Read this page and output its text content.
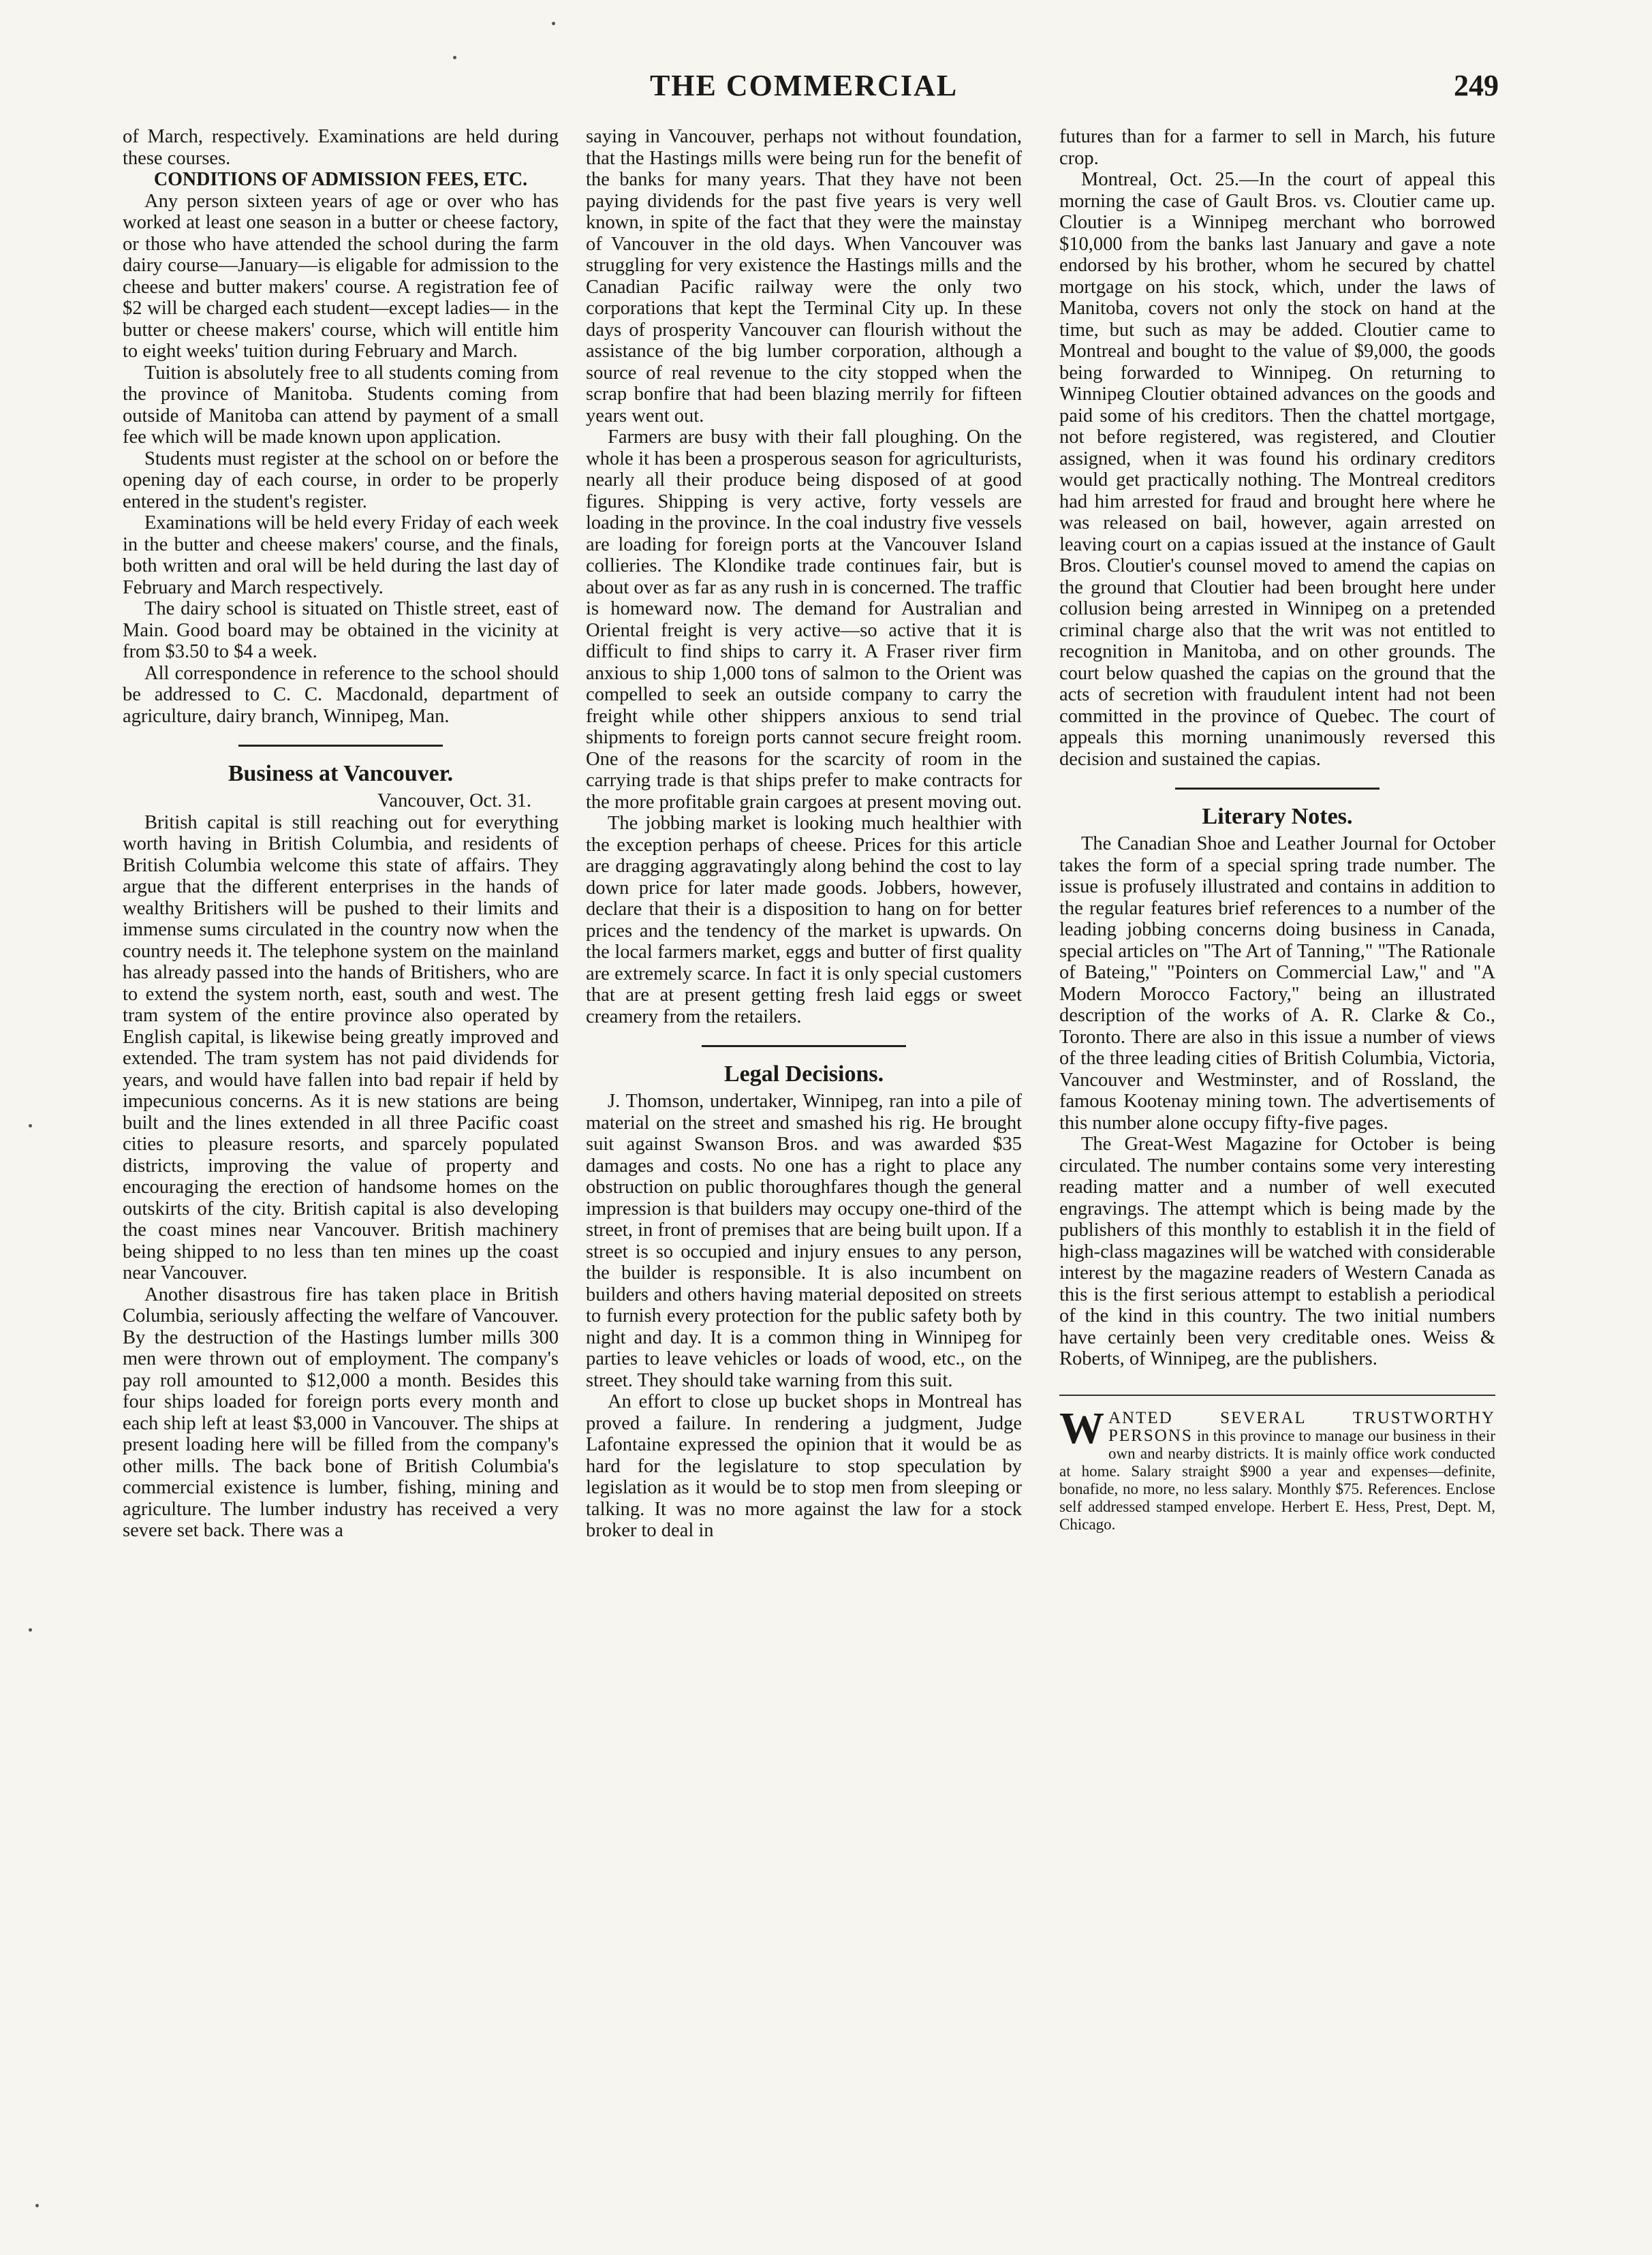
THE COMMERCIAL	249

of March, respectively. Examinations are held during these courses.

CONDITIONS OF ADMISSION FEES, ETC.

Any person sixteen years of age or over who has worked at least one season in a butter or cheese factory, or those who have attended the school during the farm dairy course—January—is eligable for admission to the cheese and butter makers' course. A registration fee of $2 will be charged each student—except ladies— in the butter or cheese makers' course, which will entitle him to eight weeks' tuition during February and March.

Tuition is absolutely free to all students coming from the province of Manitoba. Students coming from outside of Manitoba can attend by payment of a small fee which will be made known upon application.

Students must register at the school on or before the opening day of each course, in order to be properly entered in the student's register.

Examinations will be held every Friday of each week in the butter and cheese makers' course, and the finals, both written and oral will be held during the last day of February and March respectively.

The dairy school is situated on Thistle street, east of Main. Good board may be obtained in the vicinity at from $3.50 to $4 a week.

All correspondence in reference to the school should be addressed to C. C. Macdonald, department of agriculture, dairy branch, Winnipeg, Man.

Business at Vancouver.

Vancouver, Oct. 31.

British capital is still reaching out for everything worth having in British Columbia, and residents of British Columbia welcome this state of affairs. They argue that the different enterprises in the hands of wealthy Britishers will be pushed to their limits and immense sums circulated in the country now when the country needs it. The telephone system on the mainland has already passed into the hands of Britishers, who are to extend the system north, east, south and west. The tram system of the entire province also operated by English capital, is likewise being greatly improved and extended. The tram system has not paid dividends for years, and would have fallen into bad repair if held by impecunious concerns. As it is new stations are being built and the lines extended in all three Pacific coast cities to pleasure resorts, and sparcely populated districts, improving the value of property and encouraging the erection of handsome homes on the outskirts of the city. British capital is also developing the coast mines near Vancouver. British machinery being shipped to no less than ten mines up the coast near Vancouver.

Another disastrous fire has taken place in British Columbia, seriously affecting the welfare of Vancouver. By the destruction of the Hastings lumber mills 300 men were thrown out of employment. The company's pay roll amounted to $12,000 a month. Besides this four ships loaded for foreign ports every month and each ship left at least $3,000 in Vancouver. The ships at present loading here will be filled from the company's other mills. The back bone of British Columbia's commercial existence is lumber, fishing, mining and agriculture. The lumber industry has received a very severe set back. There was a

saying in Vancouver, perhaps not without foundation, that the Hastings mills were being run for the benefit of the banks for many years. That they have not been paying dividends for the past five years is very well known, in spite of the fact that they were the mainstay of Vancouver in the old days. When Vancouver was struggling for very existence the Hastings mills and the Canadian Pacific railway were the only two corporations that kept the Terminal City up. In these days of prosperity Vancouver can flourish without the assistance of the big lumber corporation, although a source of real revenue to the city stopped when the scrap bonfire that had been blazing merrily for fifteen years went out.

Farmers are busy with their fall ploughing. On the whole it has been a prosperous season for agriculturists, nearly all their produce being disposed of at good figures. Shipping is very active, forty vessels are loading in the province. In the coal industry five vessels are loading for foreign ports at the Vancouver Island collieries. The Klondike trade continues fair, but is about over as far as any rush in is concerned. The traffic is homeward now. The demand for Australian and Oriental freight is very active—so active that it is difficult to find ships to carry it. A Fraser river firm anxious to ship 1,000 tons of salmon to the Orient was compelled to seek an outside company to carry the freight while other shippers anxious to send trial shipments to foreign ports cannot secure freight room. One of the reasons for the scarcity of room in the carrying trade is that ships prefer to make contracts for the more profitable grain cargoes at present moving out.

The jobbing market is looking much healthier with the exception perhaps of cheese. Prices for this article are dragging aggravatingly along behind the cost to lay down price for later made goods. Jobbers, however, declare that their is a disposition to hang on for better prices and the tendency of the market is upwards. On the local farmers market, eggs and butter of first quality are extremely scarce. In fact it is only special customers that are at present getting fresh laid eggs or sweet creamery from the retailers.

Legal Decisions.

J. Thomson, undertaker, Winnipeg, ran into a pile of material on the street and smashed his rig. He brought suit against Swanson Bros. and was awarded $35 damages and costs. No one has a right to place any obstruction on public thoroughfares though the general impression is that builders may occupy one-third of the street, in front of premises that are being built upon. If a street is so occupied and injury ensues to any person, the builder is responsible. It is also incumbent on builders and others having material deposited on streets to furnish every protection for the public safety both by night and day. It is a common thing in Winnipeg for parties to leave vehicles or loads of wood, etc., on the street. They should take warning from this suit.

An effort to close up bucket shops in Montreal has proved a failure. In rendering a judgment, Judge Lafontaine expressed the opinion that it would be as hard for the legislature to stop speculation by legislation as it would be to stop men from sleeping or talking. It was no more against the law for a stock broker to deal in

futures than for a farmer to sell in March, his future crop.

Montreal, Oct. 25.—In the court of appeal this morning the case of Gault Bros. vs. Cloutier came up. Cloutier is a Winnipeg merchant who borrowed $10,000 from the banks last January and gave a note endorsed by his brother, whom he secured by chattel mortgage on his stock, which, under the laws of Manitoba, covers not only the stock on hand at the time, but such as may be added. Cloutier came to Montreal and bought to the value of $9,000, the goods being forwarded to Winnipeg. On returning to Winnipeg Cloutier obtained advances on the goods and paid some of his creditors. Then the chattel mortgage, not before registered, was registered, and Cloutier assigned, when it was found his ordinary creditors would get practically nothing. The Montreal creditors had him arrested for fraud and brought here where he was released on bail, however, again arrested on leaving court on a capias issued at the instance of Gault Bros. Cloutier's counsel moved to amend the capias on the ground that Cloutier had been brought here under collusion being arrested in Winnipeg on a pretended criminal charge also that the writ was not entitled to recognition in Manitoba, and on other grounds. The court below quashed the capias on the ground that the acts of secretion with fraudulent intent had not been committed in the province of Quebec. The court of appeals this morning unanimously reversed this decision and sustained the capias.

Literary Notes.

The Canadian Shoe and Leather Journal for October takes the form of a special spring trade number. The issue is profusely illustrated and contains in addition to the regular features brief references to a number of the leading jobbing concerns doing business in Canada, special articles on "The Art of Tanning," "The Rationale of Bateing," "Pointers on Commercial Law," and "A Modern Morocco Factory," being an illustrated description of the works of A. R. Clarke & Co., Toronto. There are also in this issue a number of views of the three leading cities of British Columbia, Victoria, Vancouver and Westminster, and of Rossland, the famous Kootenay mining town. The advertisements of this number alone occupy fifty-five pages.

The Great-West Magazine for October is being circulated. The number contains some very interesting reading matter and a number of well executed engravings. The attempt which is being made by the publishers of this monthly to establish it in the field of high-class magazines will be watched with considerable interest by the magazine readers of Western Canada as this is the first serious attempt to establish a periodical of the kind in this country. The two initial numbers have certainly been very creditable ones. Weiss & Roberts, of Winnipeg, are the publishers.

WANTED SEVERAL TRUSTWORTHY PERSONS in this province to manage our business in their own and nearby districts. It is mainly office work conducted at home. Salary straight $900 a year and expenses—definite, bonafide, no more, no less salary. Monthly $75. References. Enclose self addressed stamped envelope. Herbert E. Hess, Prest, Dept. M, Chicago.
